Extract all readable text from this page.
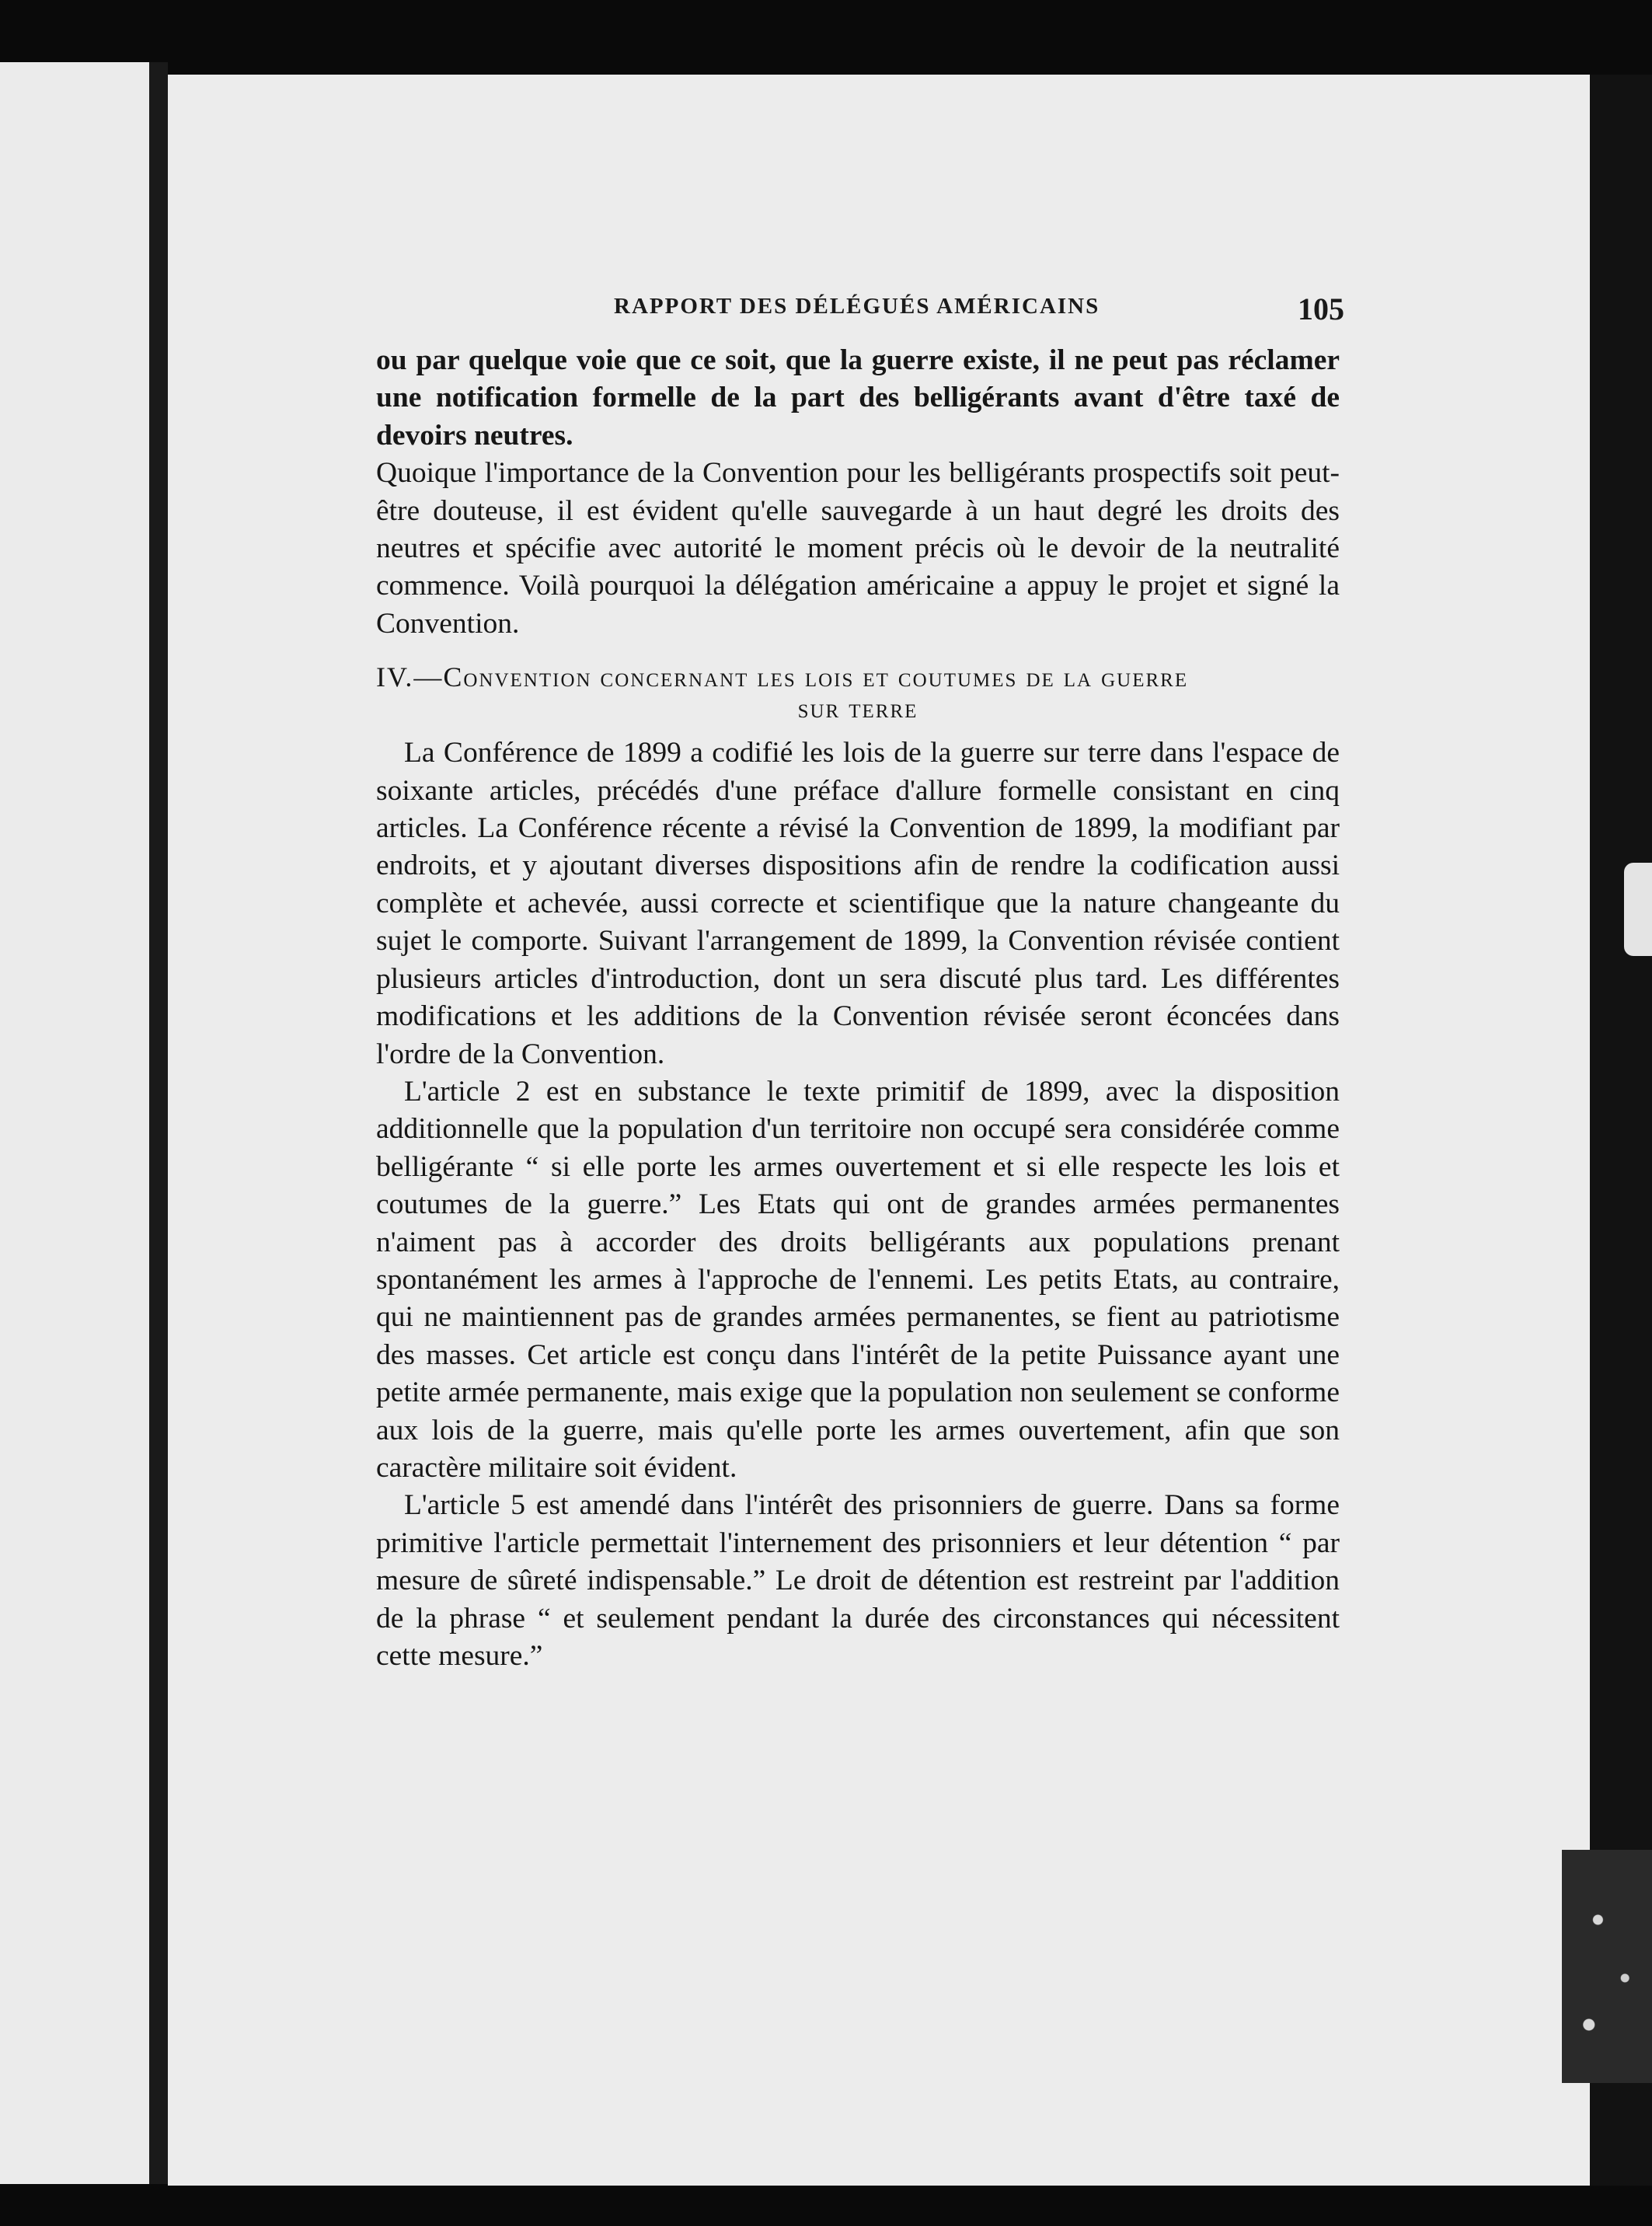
RAPPORT DES DÉLÉGUÉS AMÉRICAINS	105

ou par quelque voie que ce soit, que la guerre existe, il ne peut pas réclamer une notification formelle de la part des belligérants avant d'être taxé de devoirs neutres.

Quoique l'importance de la Convention pour les belligérants prospectifs soit peut-être douteuse, il est évident qu'elle sauvegarde à un haut degré les droits des neutres et spécifie avec autorité le moment précis où le devoir de la neutralité commence. Voilà pourquoi la délégation américaine a appuy le projet et signé la Convention.

IV.—Convention concernant les lois et coutumes de la guerre
sur terre

La Conférence de 1899 a codifié les lois de la guerre sur terre dans l'espace de soixante articles, précédés d'une préface d'allure formelle consistant en cinq articles. La Conférence récente a révisé la Convention de 1899, la modifiant par endroits, et y ajoutant diverses dispositions afin de rendre la codification aussi complète et achevée, aussi correcte et scientifique que la nature changeante du sujet le comporte. Suivant l'arrangement de 1899, la Convention révisée contient plusieurs articles d'introduction, dont un sera discuté plus tard. Les différentes modifications et les additions de la Convention révisée seront éconcées dans l'ordre de la Convention.

L'article 2 est en substance le texte primitif de 1899, avec la disposition additionnelle que la population d'un territoire non occupé sera considérée comme belligérante “ si elle porte les armes ouvertement et si elle respecte les lois et coutumes de la guerre.” Les Etats qui ont de grandes armées permanentes n'aiment pas à accorder des droits belligérants aux populations prenant spontanément les armes à l'approche de l'ennemi. Les petits Etats, au contraire, qui ne maintiennent pas de grandes armées permanentes, se fient au patriotisme des masses. Cet article est conçu dans l'intérêt de la petite Puissance ayant une petite armée permanente, mais exige que la population non seulement se conforme aux lois de la guerre, mais qu'elle porte les armes ouvertement, afin que son caractère militaire soit évident.

L'article 5 est amendé dans l'intérêt des prisonniers de guerre. Dans sa forme primitive l'article permettait l'internement des prisonniers et leur détention “ par mesure de sûreté indispensable.” Le droit de détention est restreint par l'addition de la phrase “ et seulement pendant la durée des circonstances qui nécessitent cette mesure.”
